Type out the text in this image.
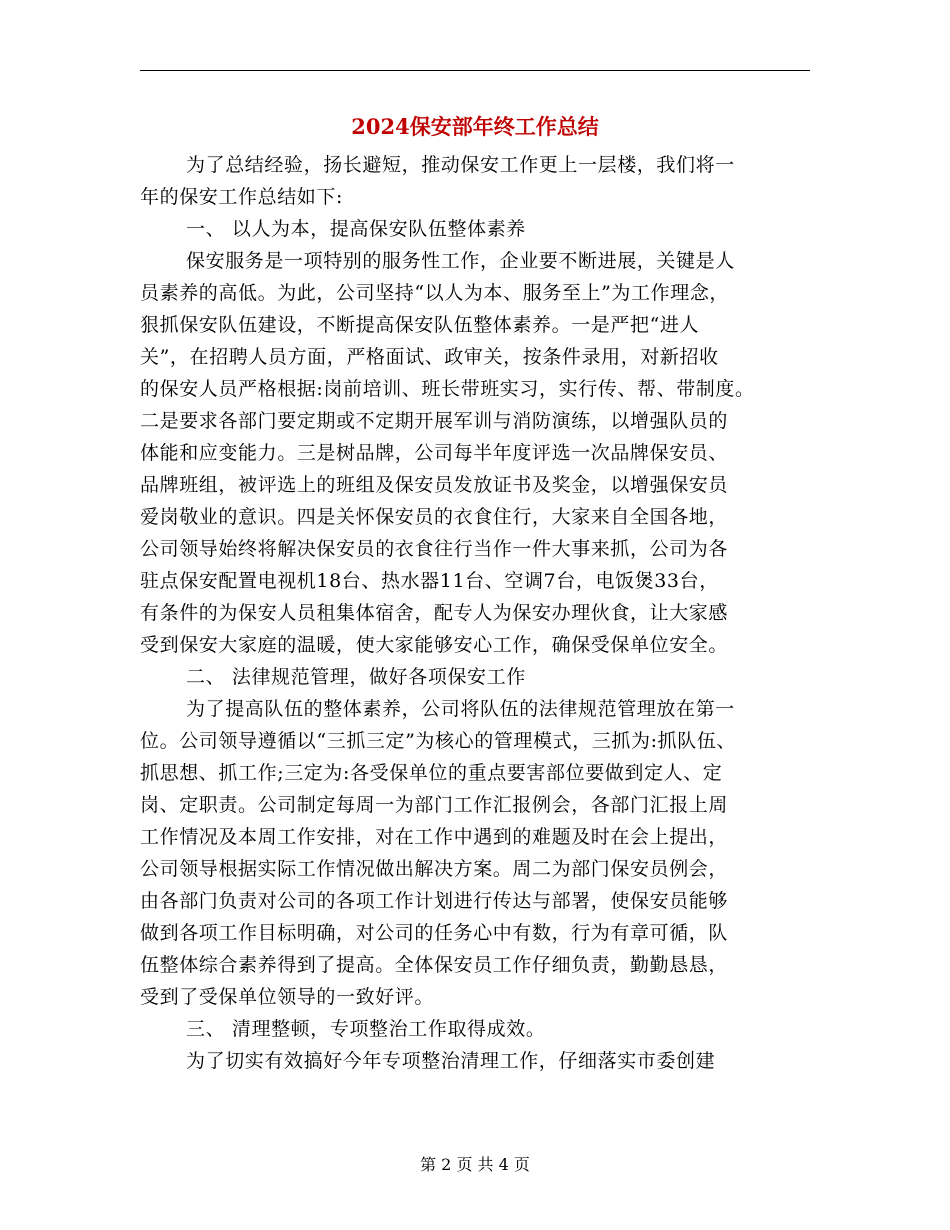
2024保安部年终工作总结
为了总结经验，扬长避短，推动保安工作更上一层楼，我们将一
年的保安工作总结如下:
一、 以人为本，提高保安队伍整体素养
保安服务是一项特别的服务性工作，企业要不断进展，关键是人
员素养的高低。为此，公司坚持“以人为本、服务至上”为工作理念，
狠抓保安队伍建设，不断提高保安队伍整体素养。一是严把“进人
关”，在招聘人员方面，严格面试、政审关，按条件录用，对新招收
的保安人员严格根据:岗前培训、班长带班实习，实行传、帮、带制度。
二是要求各部门要定期或不定期开展军训与消防演练，以增强队员的
体能和应变能力。三是树品牌，公司每半年度评选一次品牌保安员、
品牌班组，被评选上的班组及保安员发放证书及奖金，以增强保安员
爱岗敬业的意识。四是关怀保安员的衣食住行，大家来自全国各地，
公司领导始终将解决保安员的衣食往行当作一件大事来抓，公司为各
驻点保安配置电视机18台、热水器11台、空调7台，电饭煲33台，
有条件的为保安人员租集体宿舍，配专人为保安办理伙食，让大家感
受到保安大家庭的温暖，使大家能够安心工作，确保受保单位安全。
二、 法律规范管理，做好各项保安工作
为了提高队伍的整体素养，公司将队伍的法律规范管理放在第一
位。公司领导遵循以“三抓三定”为核心的管理模式，三抓为:抓队伍、
抓思想、抓工作;三定为:各受保单位的重点要害部位要做到定人、定
岗、定职责。公司制定每周一为部门工作汇报例会，各部门汇报上周
工作情况及本周工作安排，对在工作中遇到的难题及时在会上提出，
公司领导根据实际工作情况做出解决方案。周二为部门保安员例会，
由各部门负责对公司的各项工作计划进行传达与部署，使保安员能够
做到各项工作目标明确，对公司的任务心中有数，行为有章可循，队
伍整体综合素养得到了提高。全体保安员工作仔细负责，勤勤恳恳，
受到了受保单位领导的一致好评。
三、 清理整顿，专项整治工作取得成效。
为了切实有效搞好今年专项整治清理工作，仔细落实市委创建
第 2 页 共 4 页
